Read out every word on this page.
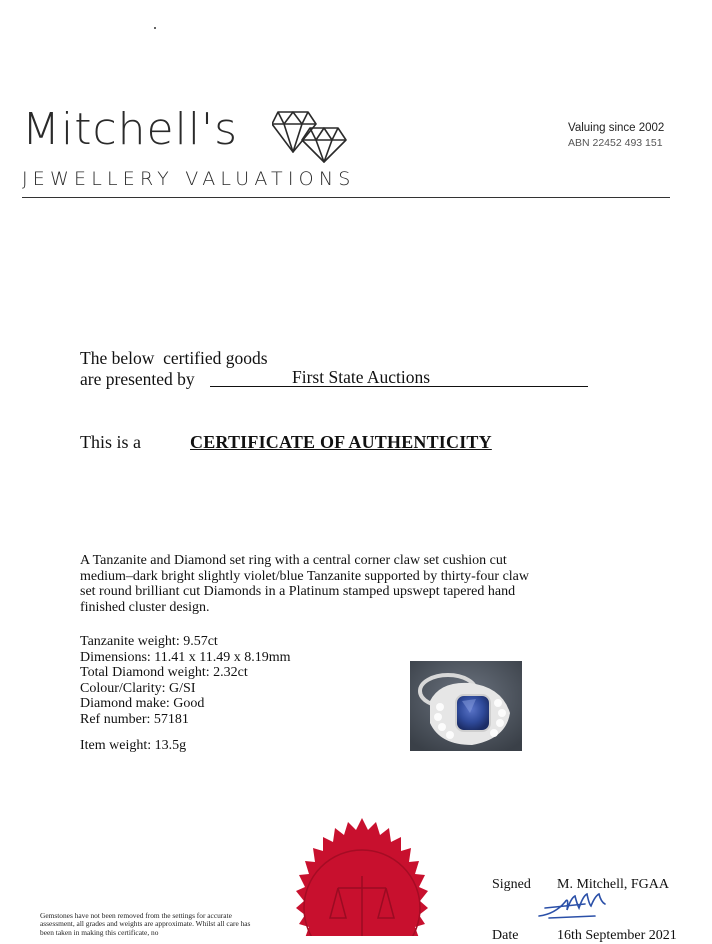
Mitchell's
JEWELLERY VALUATIONS
Valuing since 2002
ABN 22452 493 151
The below  certified goods
are presented by	First State Auctions
This is a	CERTIFICATE OF AUTHENTICITY
A Tanzanite and Diamond set ring with a central corner claw set cushion cut medium–dark bright slightly violet/blue Tanzanite supported by thirty-four claw set round brilliant cut Diamonds in a Platinum stamped upswept tapered hand finished cluster design.
Tanzanite weight: 9.57ct
Dimensions: 11.41 x 11.49 x 8.19mm
Total Diamond weight: 2.32ct
Colour/Clarity: G/SI
Diamond make: Good
Ref number: 57181
Item weight: 13.5g
Signed M. Mitchell, FGAA
Date	16th September 2021
Gemstones have not been removed from the settings for accurate assessment, all grades and weights are approximate. Whilst all care has been taken in making this certificate, no
